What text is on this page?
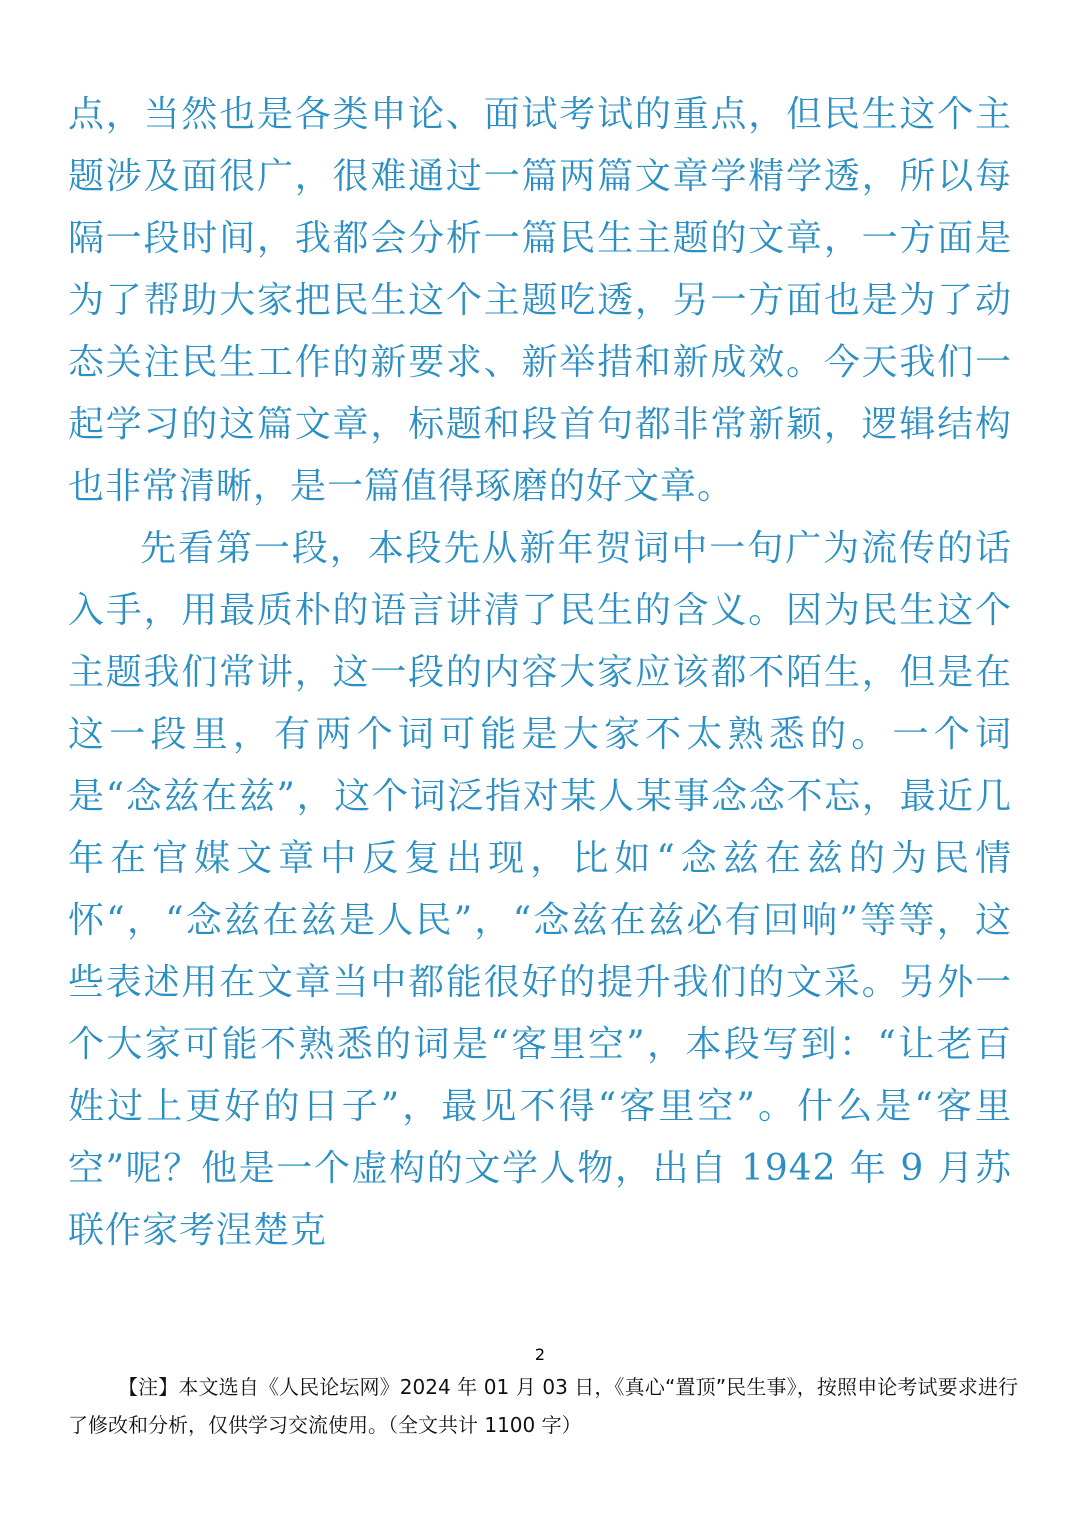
点，当然也是各类申论、面试考试的重点，但民生这个主题涉及面很广，很难通过一篇两篇文章学精学透，所以每隔一段时间，我都会分析一篇民生主题的文章，一方面是为了帮助大家把民生这个主题吃透，另一方面也是为了动态关注民生工作的新要求、新举措和新成效。今天我们一起学习的这篇文章，标题和段首句都非常新颖，逻辑结构也非常清晰，是一篇值得琢磨的好文章。

先看第一段，本段先从新年贺词中一句广为流传的话入手，用最质朴的语言讲清了民生的含义。因为民生这个主题我们常讲，这一段的内容大家应该都不陌生，但是在这一段里，有两个词可能是大家不太熟悉的。一个词是“念兹在兹”，这个词泛指对某人某事念念不忘，最近几年在官媒文章中反复出现，比如“念兹在兹的为民情怀“，“念兹在兹是人民”，“念兹在兹必有回响”等等，这些表述用在文章当中都能很好的提升我们的文采。另外一个大家可能不熟悉的词是“客里空”，本段写到：“让老百姓过上更好的日子”，最见不得“客里空”。什么是“客里空”呢？他是一个虚构的文学人物，出自 1942 年 9 月苏联作家考涅楚克

2
【注】本文选自《人民论坛网》2024 年 01 月 03 日，《真心“置顶”民生事》，按照申论考试要求进行了修改和分析，仅供学习交流使用。（全文共计 1100 字）
